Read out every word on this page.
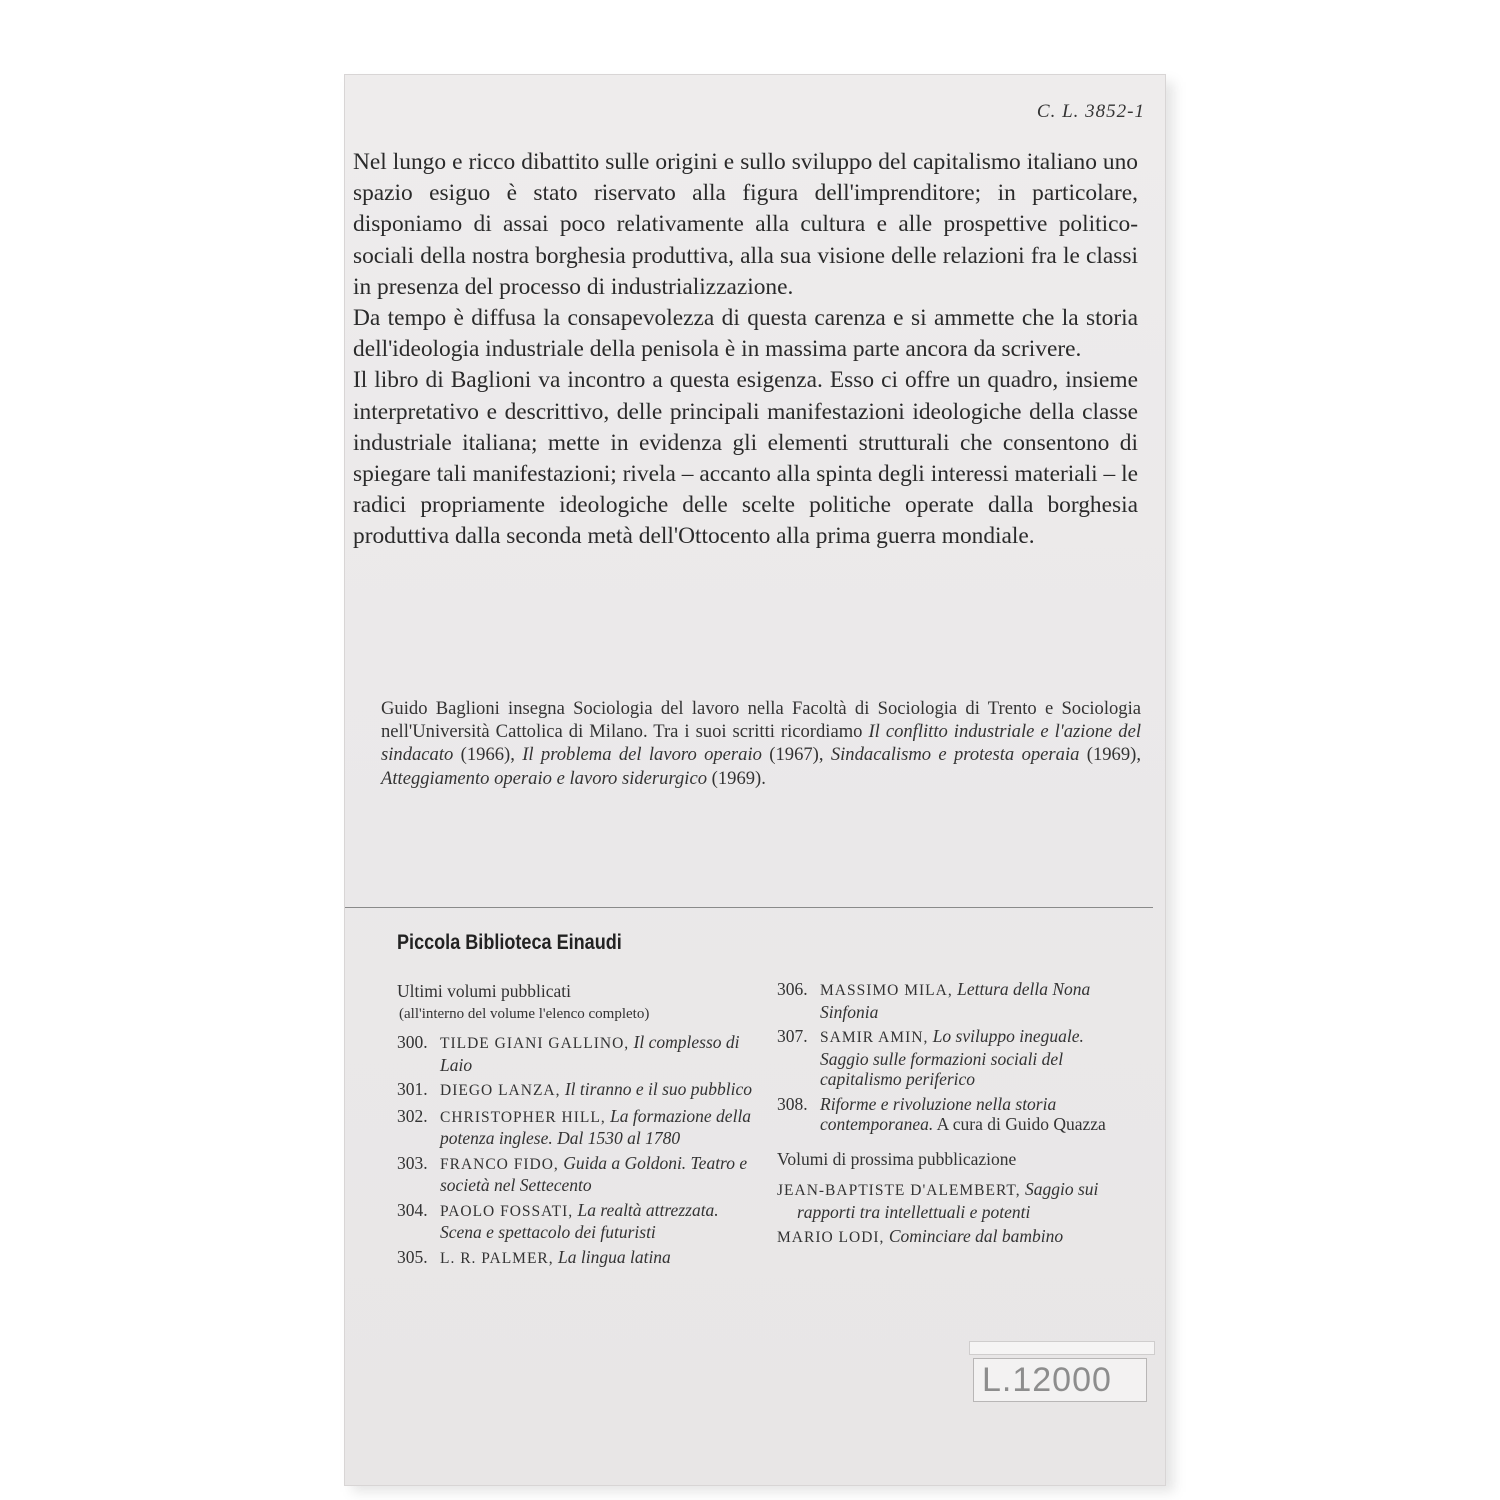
C. L. 3852-1

Nel lungo e ricco dibattito sulle origini e sullo sviluppo del capitalismo italiano uno spazio esiguo è stato riservato alla figura dell'imprenditore; in particolare, disponiamo di assai poco relativamente alla cultura e alle prospettive politico-sociali della nostra borghesia produttiva, alla sua visione delle relazioni fra le classi in presenza del processo di industrializzazione.

Da tempo è diffusa la consapevolezza di questa carenza e si ammette che la storia dell'ideologia industriale della penisola è in massima parte ancora da scrivere.

Il libro di Baglioni va incontro a questa esigenza. Esso ci offre un quadro, insieme interpretativo e descrittivo, delle principali manifestazioni ideologiche della classe industriale italiana; mette in evidenza gli elementi strutturali che consentono di spiegare tali manifestazioni; rivela – accanto alla spinta degli interessi materiali – le radici propriamente ideologiche delle scelte politiche operate dalla borghesia produttiva dalla seconda metà dell'Ottocento alla prima guerra mondiale.

Guido Baglioni insegna Sociologia del lavoro nella Facoltà di Sociologia di Trento e Sociologia nell'Università Cattolica di Milano. Tra i suoi scritti ricordiamo Il conflitto industriale e l'azione del sindacato (1966), Il problema del lavoro operaio (1967), Sindacalismo e protesta operaia (1969), Atteggiamento operaio e lavoro siderurgico (1969).

Piccola Biblioteca Einaudi

Ultimi volumi pubblicati

(all'interno del volume l'elenco completo)

300. TILDE GIANI GALLINO, Il complesso di Laio
301. DIEGO LANZA, Il tiranno e il suo pubblico
302. CHRISTOPHER HILL, La formazione della potenza inglese. Dal 1530 al 1780
303. FRANCO FIDO, Guida a Goldoni. Teatro e società nel Settecento
304. PAOLO FOSSATI, La realtà attrezzata. Scena e spettacolo dei futuristi
305. L. R. PALMER, La lingua latina
306. MASSIMO MILA, Lettura della Nona Sinfonia
307. SAMIR AMIN, Lo sviluppo ineguale. Saggio sulle formazioni sociali del capitalismo periferico
308. Riforme e rivoluzione nella storia contemporanea. A cura di Guido Quazza

Volumi di prossima pubblicazione

JEAN-BAPTISTE D'ALEMBERT, Saggio sui rapporti tra intellettuali e potenti
MARIO LODI, Cominciare dal bambino
L.12000
